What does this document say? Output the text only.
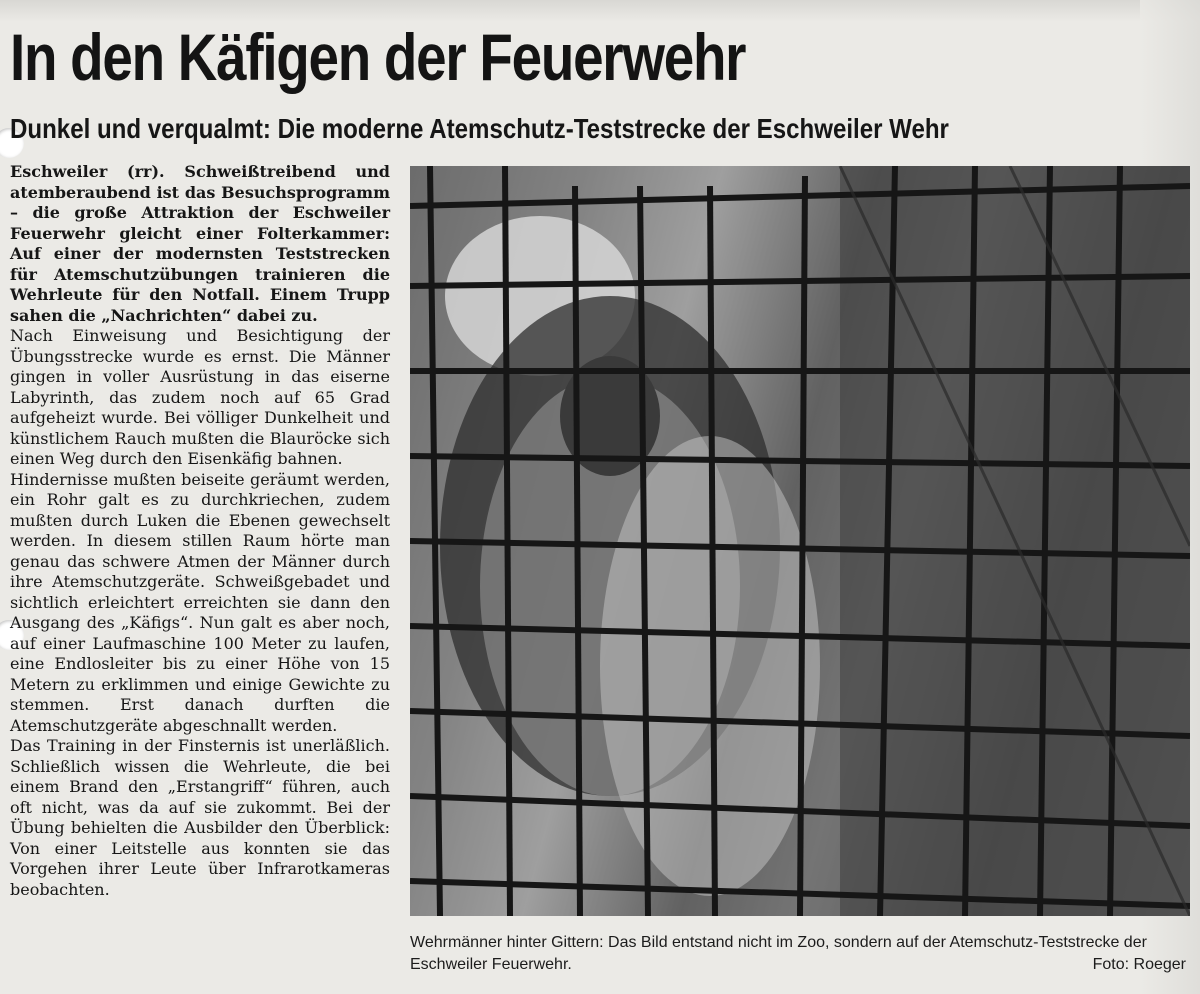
In den Käfigen der Feuerwehr
Dunkel und verqualmt: Die moderne Atemschutz-Teststrecke der Eschweiler Wehr

Eschweiler (rr). Schweißtreibend und atemberaubend ist das Besuchsprogramm – die große Attraktion der Eschweiler Feuerwehr gleicht einer Folterkammer: Auf einer der modernsten Teststrecken für Atemschutzübungen trainieren die Wehrleute für den Notfall. Einem Trupp sahen die „Nachrichten“ dabei zu.

Nach Einweisung und Besichtigung der Übungsstrecke wurde es ernst. Die Männer gingen in voller Ausrüstung in das eiserne Labyrinth, das zudem noch auf 65 Grad aufgeheizt wurde. Bei völliger Dunkelheit und künstlichem Rauch mußten die Blauröcke sich einen Weg durch den Eisenkäfig bahnen.

Hindernisse mußten beiseite geräumt werden, ein Rohr galt es zu durchkriechen, zudem mußten durch Luken die Ebenen gewechselt werden. In diesem stillen Raum hörte man genau das schwere Atmen der Männer durch ihre Atemschutzgeräte. Schweißgebadet und sichtlich erleichtert erreichten sie dann den Ausgang des „Käfigs“. Nun galt es aber noch, auf einer Laufmaschine 100 Meter zu laufen, eine Endlosleiter bis zu einer Höhe von 15 Metern zu erklimmen und einige Gewichte zu stemmen. Erst danach durften die Atemschutzgeräte abgeschnallt werden.

Das Training in der Finsternis ist unerläßlich. Schließlich wissen die Wehrleute, die bei einem Brand den „Erstangriff“ führen, auch oft nicht, was da auf sie zukommt. Bei der Übung behielten die Ausbilder den Überblick: Von einer Leitstelle aus konnten sie das Vorgehen ihrer Leute über Infrarotkameras beobachten.

Wehrmänner hinter Gittern: Das Bild entstand nicht im Zoo, sondern auf der Atemschutz-Teststrecke der Eschweiler Feuerwehr.	Foto: Roeger
